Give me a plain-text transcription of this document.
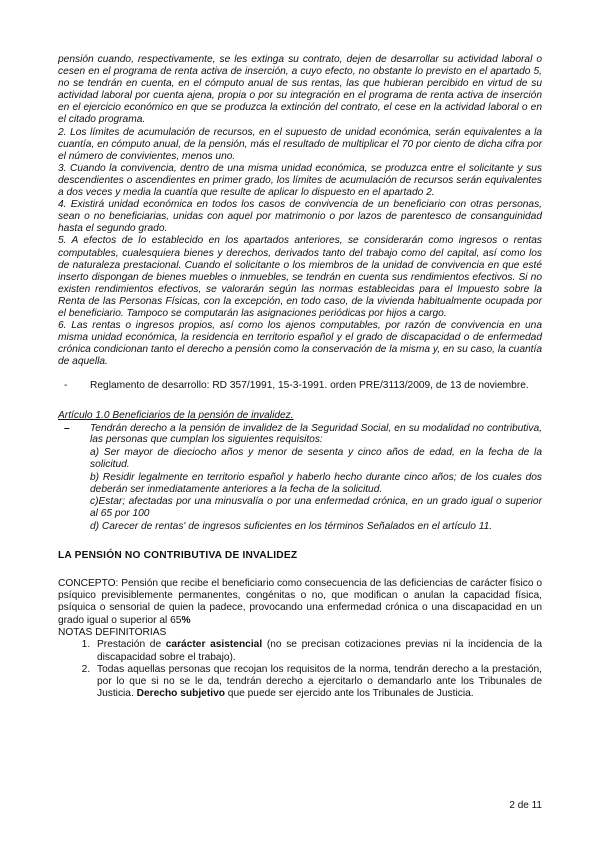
pensión cuando, respectivamente, se les extinga su contrato, dejen de desarrollar su actividad laboral o cesen en el programa de renta activa de inserción, a cuyo efecto, no obstante lo previsto en el apartado 5, no se tendrán en cuenta, en el cómputo anual de sus rentas, las que hubieran percibido en virtud de su actividad laboral por cuenta ajena, propia o por su integración en el programa de renta activa de inserción en el ejercicio económico en que se produzca la extinción del contrato, el cese en la actividad laboral o en el citado programa.

2. Los límites de acumulación de recursos, en el supuesto de unidad económica, serán equivalentes a la cuantía, en cómputo anual, de la pensión, más el resultado de multiplicar el 70 por ciento de dicha cifra por el número de convivientes, menos uno.

3. Cuando la convivencia, dentro de una misma unidad económica, se produzca entre el solicitante y sus descendientes o ascendientes en primer grado, los límites de acumulación de recursos serán equivalentes a dos veces y media la cuantía que resulte de aplicar lo dispuesto en el apartado 2.

4. Existirá unidad económica en todos los casos de convivencia de un beneficiario con otras personas, sean o no beneficiarias, unidas con aquel por matrimonio o por lazos de parentesco de consanguinidad hasta el segundo grado.

5. A efectos de lo establecido en los apartados anteriores, se considerarán como ingresos o rentas computables, cualesquiera bienes y derechos, derivados tanto del trabajo como del capital, así como los de naturaleza prestacional. Cuando el solicitante o los miembros de la unidad de convivencia en que esté inserto dispongan de bienes muebles o inmuebles, se tendrán en cuenta sus rendimientos efectivos. Si no existen rendimientos efectivos, se valorarán según las normas establecidas para el Impuesto sobre la Renta de las Personas Físicas, con la excepción, en todo caso, de la vivienda habitualmente ocupada por el beneficiario. Tampoco se computarán las asignaciones periódicas por hijos a cargo.

6. Las rentas o ingresos propios, así como los ajenos computables, por razón de convivencia en una misma unidad económica, la residencia en territorio español y el grado de discapacidad o de enfermedad crónica condicionan tanto el derecho a pensión como la conservación de la misma y, en su caso, la cuantía de aquella.

-	Reglamento de desarrollo: RD 357/1991, 15-3-1991. orden PRE/3113/2009, de 13 de noviembre.
Artículo 1.0 Beneficiarios de la pensión de invalidez.
–	Tendrán derecho a la pensión de invalidez de la Seguridad Social, en su modalidad no contributiva, las personas que cumplan los siguientes requisitos:

a) Ser mayor de dieciocho años y menor de sesenta y cinco años de edad, en la fecha de la solicitud.

b) Residir legalmente en territorio español y haberlo hecho durante cinco años; de los cuales dos deberán ser inmediatamente anteriores a la fecha de la solicitud.

c)Estar; afectadas por una minusvalía o por una enfermedad crónica, en un grado igual o superior al 65 por 100

d) Carecer de rentas' de ingresos suficientes en los términos Señalados en el artículo 11.

LA PENSIÓN NO CONTRIBUTIVA DE INVALIDEZ
CONCEPTO: Pensión que recibe el beneficiario como consecuencia de las deficiencias de carácter físico o psíquico previsiblemente permanentes, congénitas o no, que modifican o anulan la capacidad física, psíquica o sensorial de quien la padece, provocando una enfermedad crónica o una discapacidad en un grado igual o superior al 65%
NOTAS DEFINITORIAS
1. Prestación de carácter asistencial (no se precisan cotizaciones previas ni la incidencia de la discapacidad sobre el trabajo).
2. Todas aquellas personas que recojan los requisitos de la norma, tendrán derecho a la prestación, por lo que si no se le da, tendrán derecho a ejercitarlo o demandarlo ante los Tribunales de Justicia. Derecho subjetivo que puede ser ejercido ante los Tribunales de Justicia.
2 de 11
